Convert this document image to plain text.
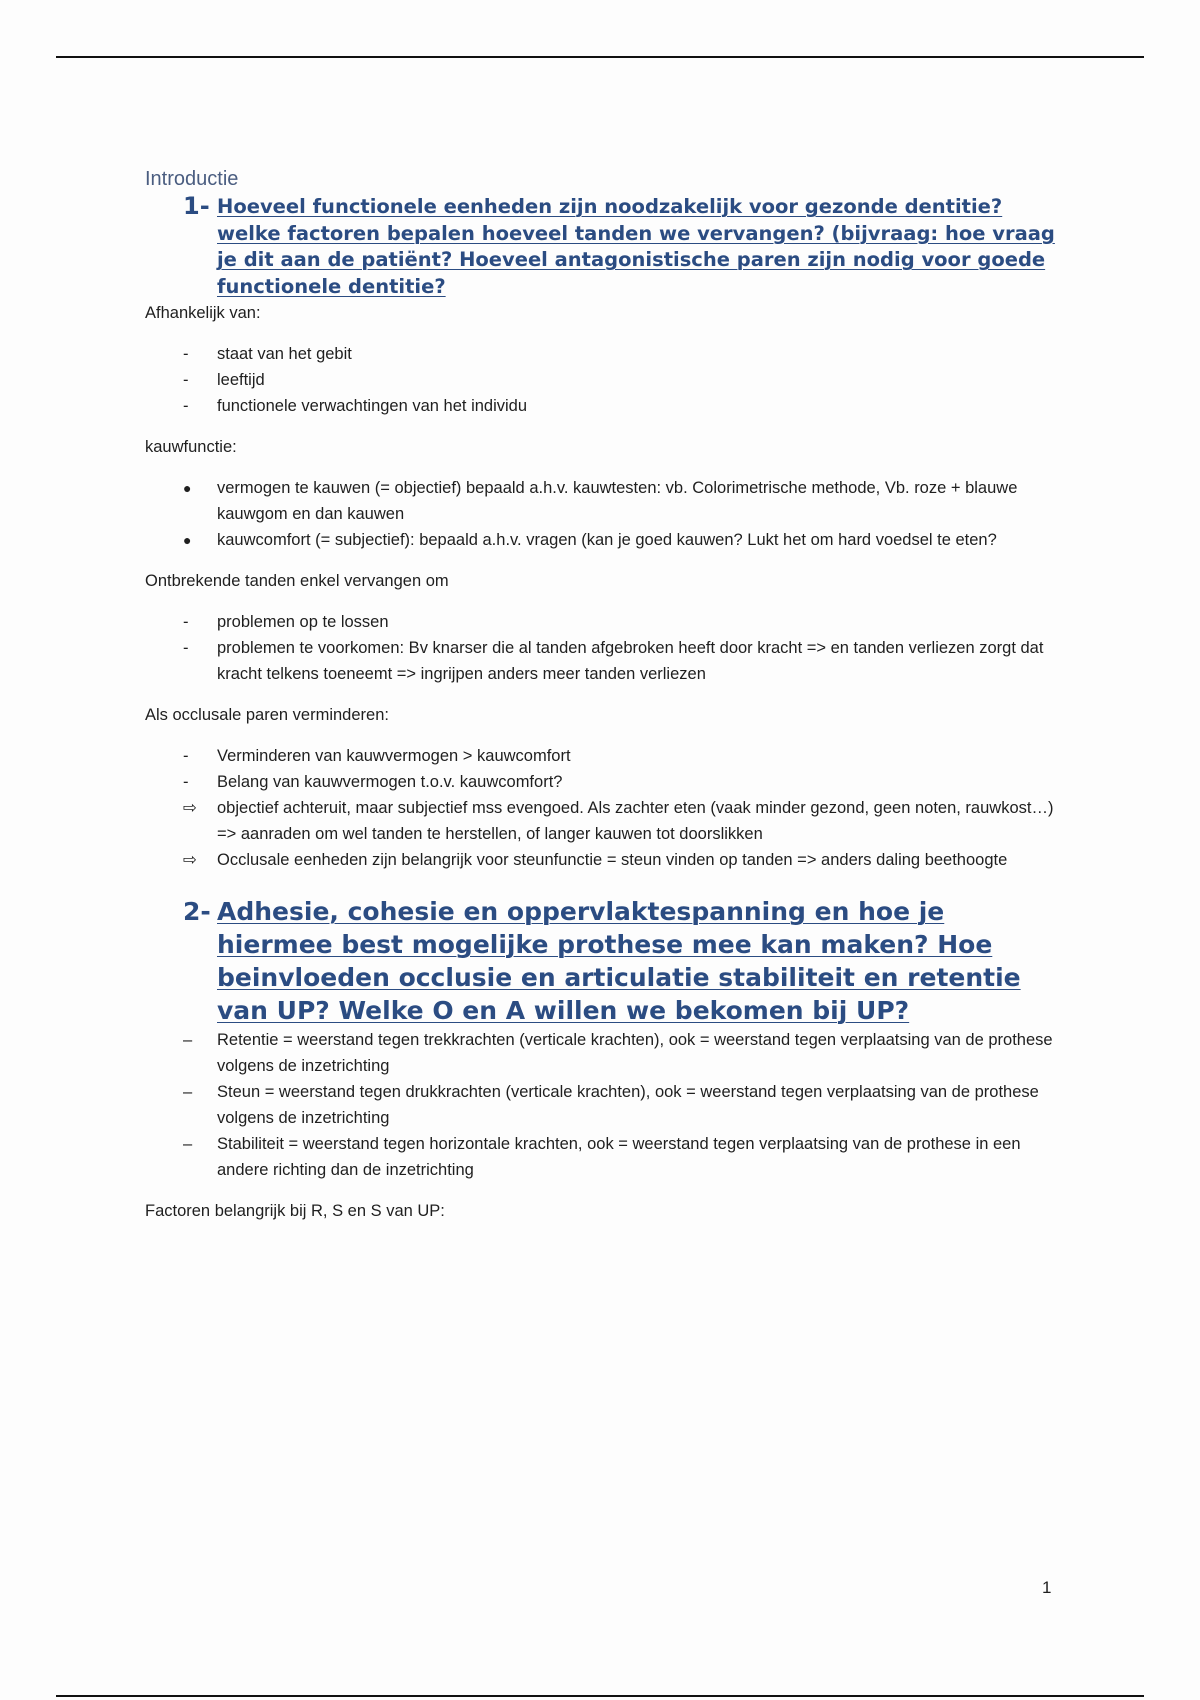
Introductie
1- Hoeveel functionele eenheden zijn noodzakelijk voor gezonde dentitie? welke factoren bepalen hoeveel tanden we vervangen? (bijvraag: hoe vraag je dit aan de patiënt? Hoeveel antagonistische paren zijn nodig voor goede functionele dentitie?

Afhankelijk van:

- staat van het gebit
- leeftijd
- functionele verwachtingen van het individu

kauwfunctie:

● vermogen te kauwen (= objectief) bepaald a.h.v. kauwtesten: vb. Colorimetrische methode, Vb. roze + blauwe kauwgom en dan kauwen
● kauwcomfort (= subjectief): bepaald a.h.v. vragen (kan je goed kauwen? Lukt het om hard voedsel te eten?

Ontbrekende tanden enkel vervangen om

- problemen op te lossen
- problemen te voorkomen: Bv knarser die al tanden afgebroken heeft door kracht => en tanden verliezen zorgt dat kracht telkens toeneemt => ingrijpen anders meer tanden verliezen

Als occlusale paren verminderen:

- Verminderen van kauwvermogen > kauwcomfort
- Belang van kauwvermogen t.o.v. kauwcomfort?
⇨ objectief achteruit, maar subjectief mss evengoed. Als zachter eten (vaak minder gezond, geen noten, rauwkost…) => aanraden om wel tanden te herstellen, of langer kauwen tot doorslikken
⇨ Occlusale eenheden zijn belangrijk voor steunfunctie = steun vinden op tanden => anders daling beethoogte
2- Adhesie, cohesie en oppervlaktespanning en hoe je hiermee best mogelijke prothese mee kan maken? Hoe beinvloeden occlusie en articulatie stabiliteit en retentie van UP? Welke O en A willen we bekomen bij UP?
– Retentie = weerstand tegen trekkrachten (verticale krachten), ook = weerstand tegen verplaatsing van de prothese volgens de inzetrichting
– Steun = weerstand tegen drukkrachten (verticale krachten), ook = weerstand tegen verplaatsing van de prothese volgens de inzetrichting
– Stabiliteit = weerstand tegen horizontale krachten, ook = weerstand tegen verplaatsing van de prothese in een andere richting dan de inzetrichting

Factoren belangrijk bij R, S en S van UP:

1
